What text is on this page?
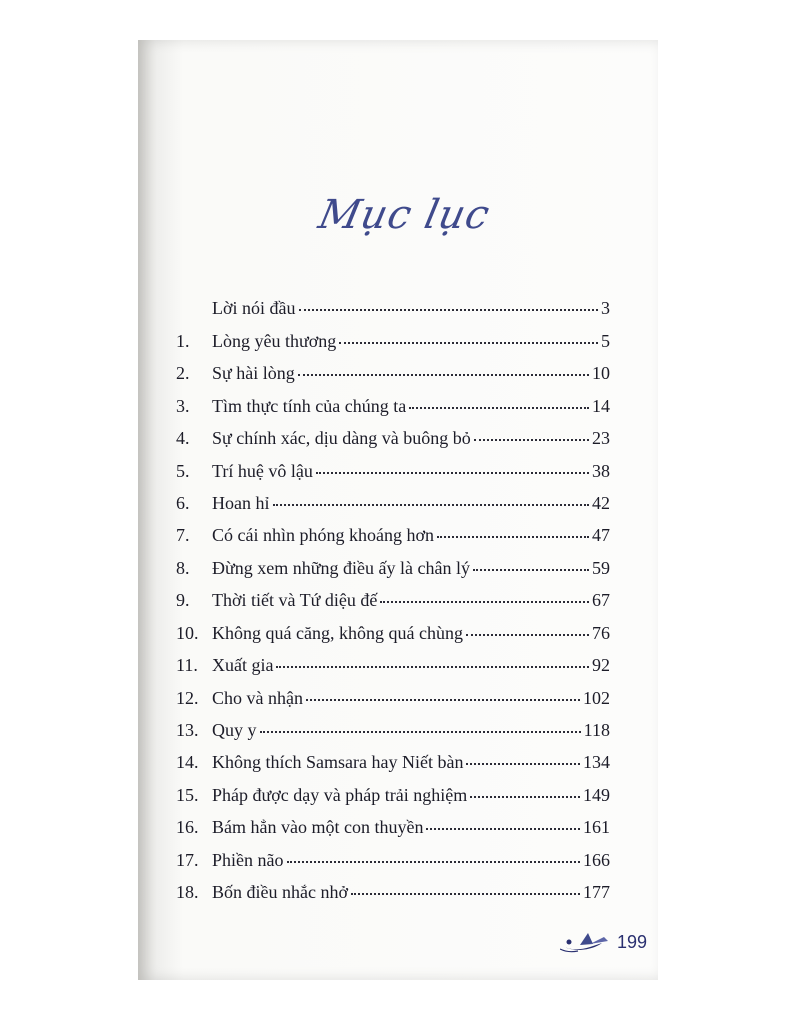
Mục lục
Lời nói đầu	3
1.	Lòng yêu thương	5
2.	Sự hài lòng	10
3.	Tìm thực tính của chúng ta	14
4.	Sự chính xác, dịu dàng và buông bỏ	23
5.	Trí huệ vô lậu	38
6.	Hoan hỉ	42
7.	Có cái nhìn phóng khoáng hơn	47
8.	Đừng xem những điều ấy là chân lý	59
9.	Thời tiết và Tứ diệu đế	67
10. Không quá căng, không quá chùng	76
11. Xuất gia	92
12. Cho và nhận	102
13. Quy y	118
14. Không thích Samsara hay Niết bàn	134
15. Pháp được dạy và pháp trải nghiệm	149
16. Bám hẳn vào một con thuyền	161
17. Phiền não	166
18. Bốn điều nhắc nhở	177
199
